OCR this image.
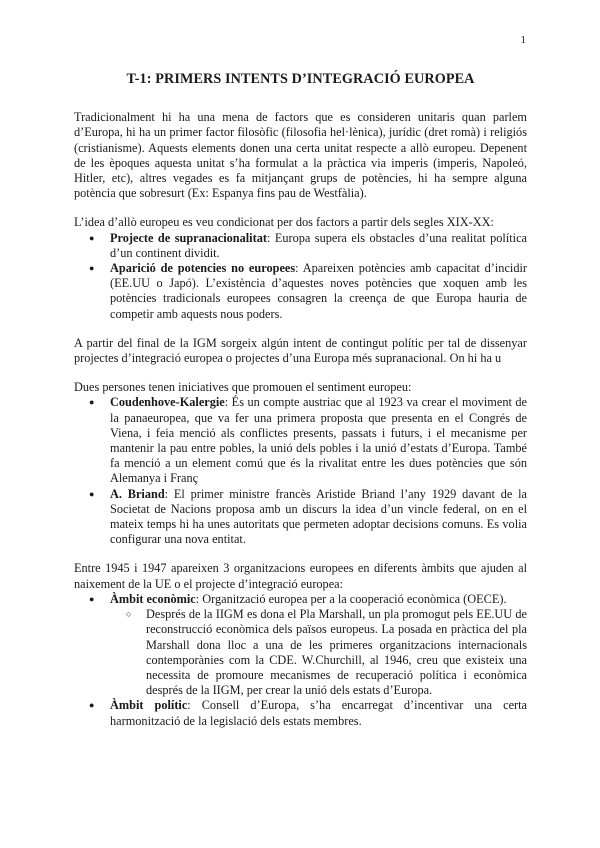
1
T-1: PRIMERS INTENTS D’INTEGRACIÓ EUROPEA

Tradicionalment hi ha una mena de factors que es consideren unitaris quan parlem d’Europa, hi ha un primer factor filosòfic (filosofia hel·lènica), jurídic (dret romà) i religiós (cristianisme). Aquests elements donen una certa unitat respecte a allò europeu. Depenent de les èpoques aquesta unitat s’ha formulat a la pràctica via imperis (imperis, Napoleó, Hitler, etc), altres vegades es fa mitjançant grups de potències, hi ha sempre alguna potència que sobresurt (Ex: Espanya fins pau de Westfàlia).

L’idea d’allò europeu es veu condicionat per dos factors a partir dels segles XIX-XX:

● Projecte de supranacionalitat: Europa supera els obstacles d’una realitat política d’un continent dividit.
● Aparició de potencies no europees: Apareixen potències amb capacitat d’incidir (EE.UU o Japó). L’existència d’aquestes noves potències que xoquen amb les potències tradicionals europees consagren la creença de que Europa hauria de competir amb aquests nous poders.

A partir del final de la IGM sorgeix algún intent de contingut polític per tal de dissenyar projectes d’integració europea o projectes d’una Europa més supranacional. On hi ha u

Dues persones tenen iniciatives que promouen el sentiment europeu:

● Coudenhove-Kalergie: És un compte austriac que al 1923 va crear el moviment de la panaeuropea, que va fer una primera proposta que presenta en el Congrés de Viena, i feia menció als conflictes presents, passats i futurs, i el mecanisme per mantenir la pau entre pobles, la unió dels pobles i la unió d’estats d’Europa. També fa menció a un element comú que és la rivalitat entre les dues potències que són Alemanya i Franç
● A. Briand: El primer ministre francès Aristide Briand l’any 1929 davant de la Societat de Nacions proposa amb un discurs la idea d’un vincle federal, on en el mateix temps hi ha unes autoritats que permeten adoptar decisions comuns. Es volia configurar una nova entitat.

Entre 1945 i 1947 apareixen 3 organitzacions europees en diferents àmbits que ajuden al naixement de la UE o el projecte d’integració europea:

● Àmbit econòmic: Organització europea per a la cooperació econòmica (OECE).
○ Després de la IIGM es dona el Pla Marshall, un pla promogut pels EE.UU de reconstrucció econòmica dels països europeus. La posada en pràctica del pla Marshall dona lloc a una de les primeres organitzacions internacionals contemporànies com la CDE. W.Churchill, al 1946, creu que existeix una necessita de promoure mecanismes de recuperació política i econòmica després de la IIGM, per crear la unió dels estats d’Europa.
● Àmbit polític: Consell d’Europa, s’ha encarregat d’incentivar una certa harmonització de la legislació dels estats membres.
